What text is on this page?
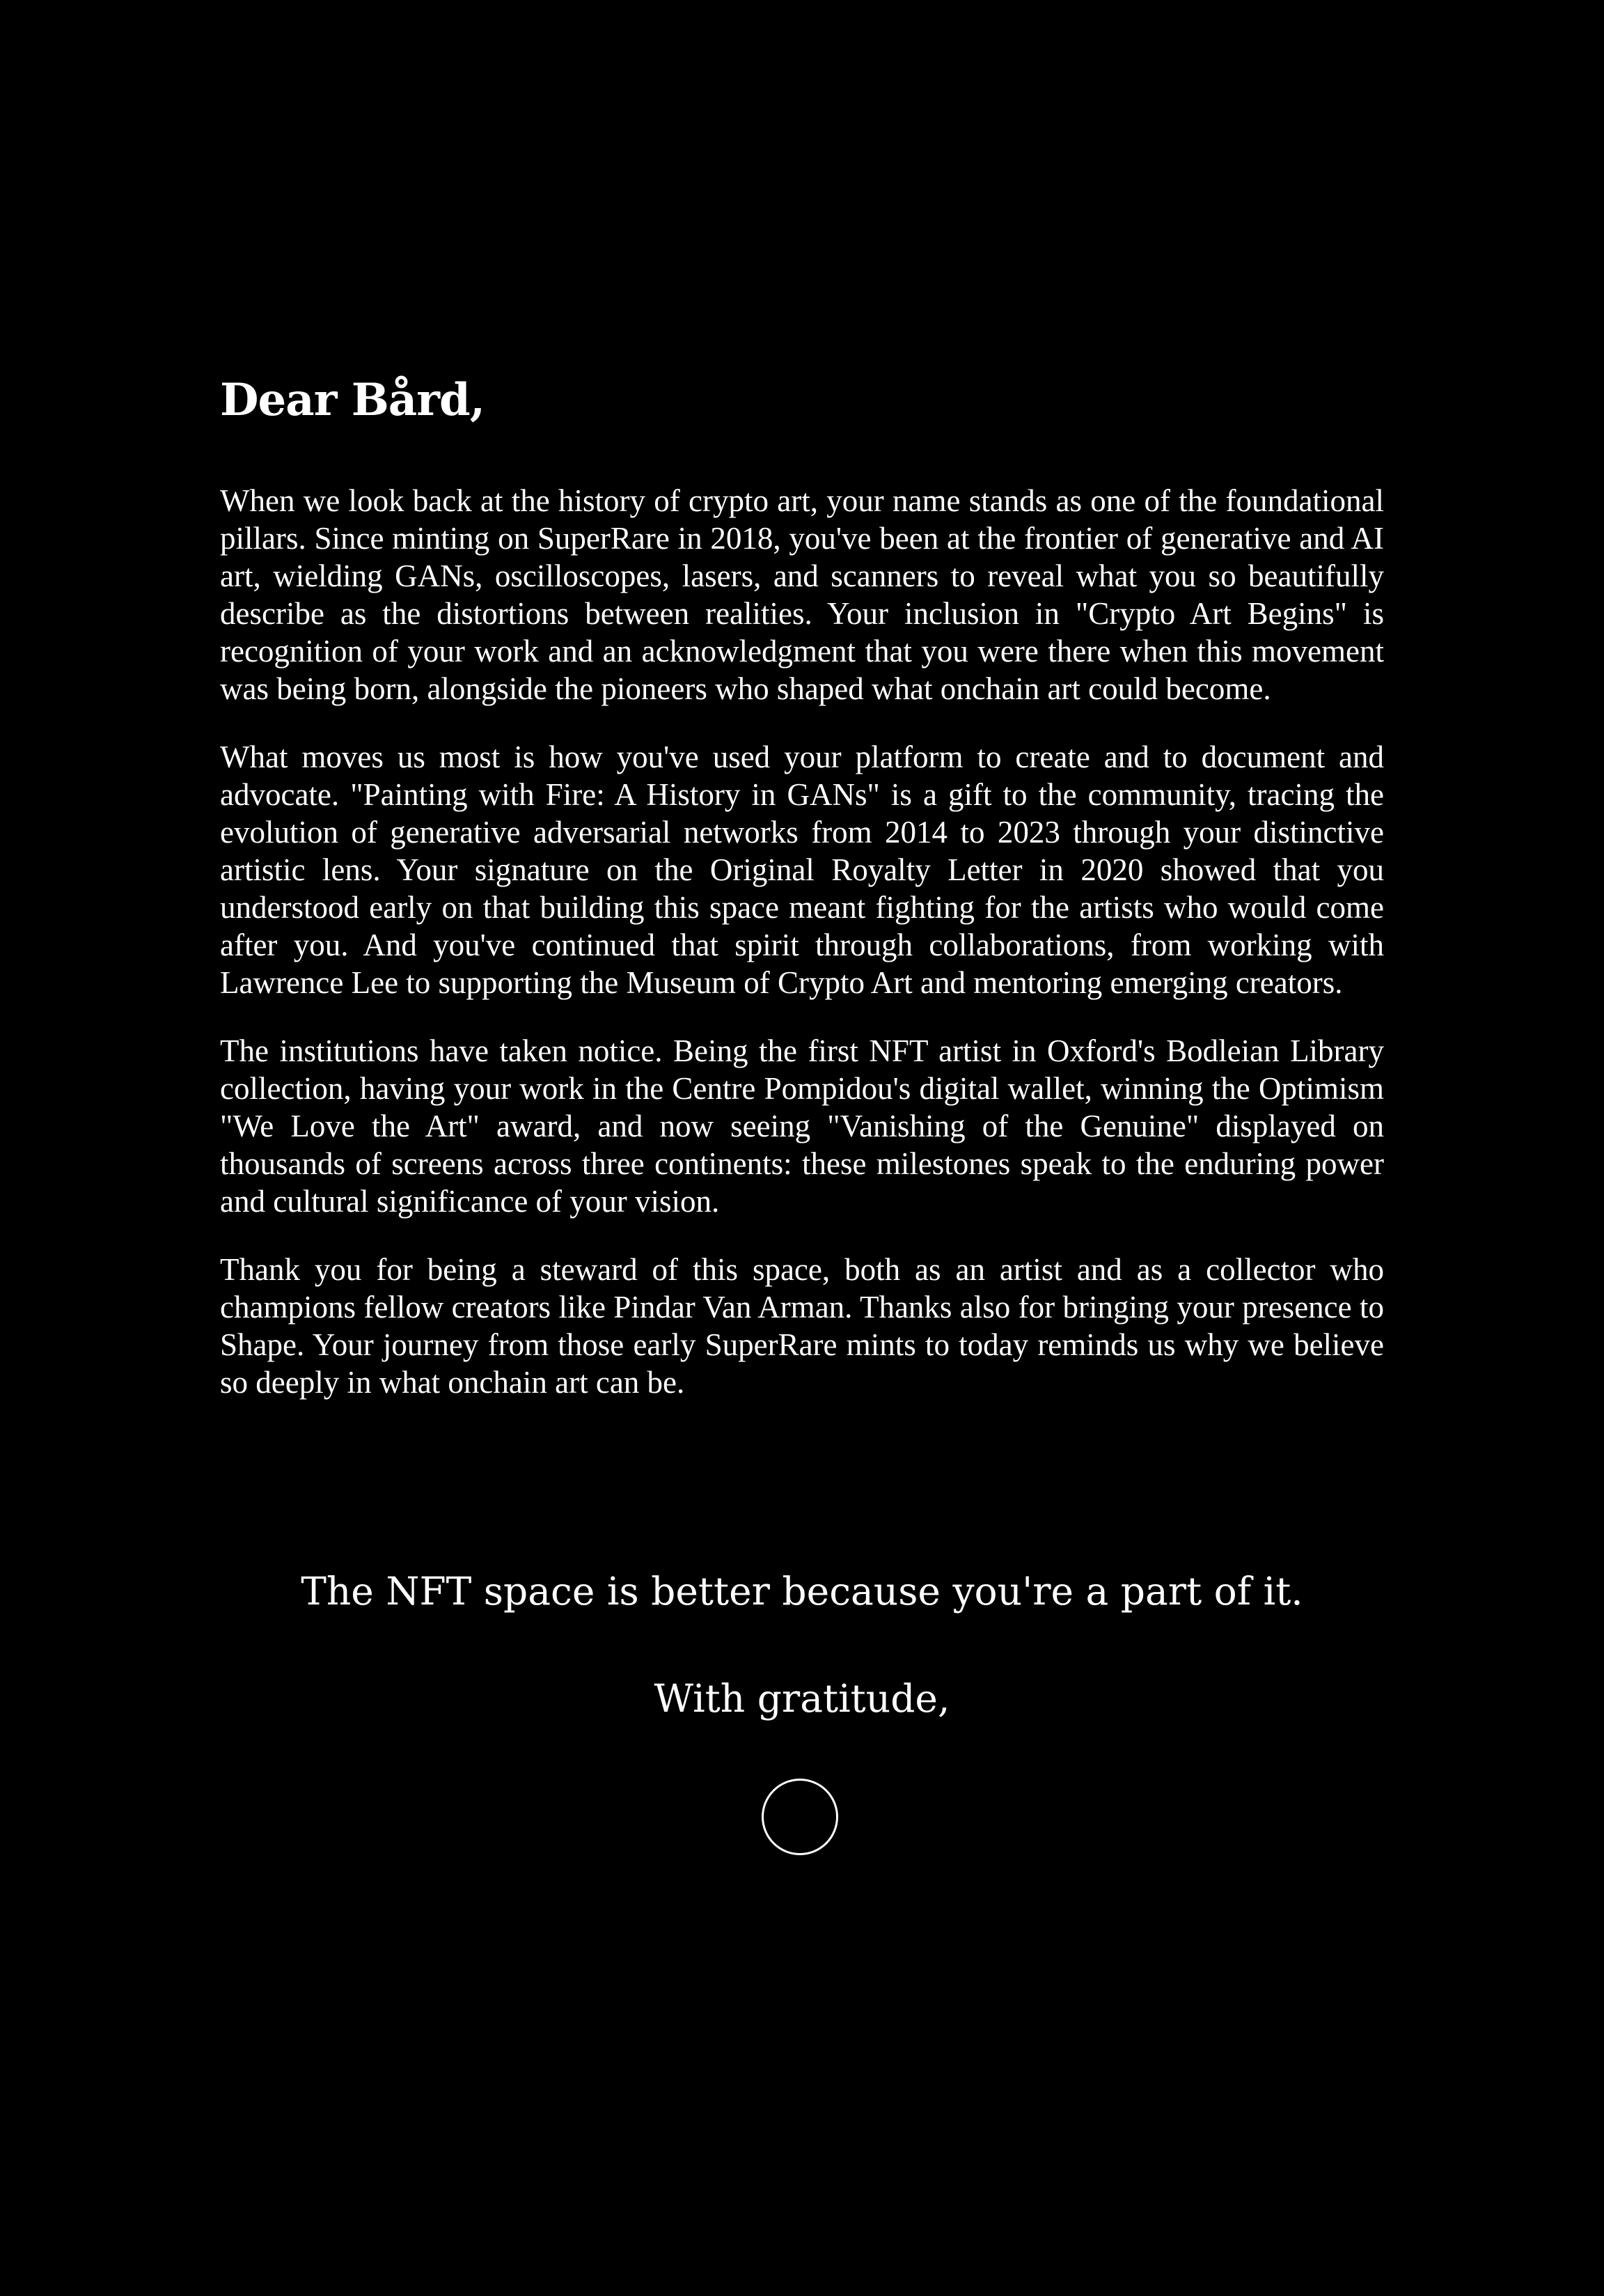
Dear Bård,

When we look back at the history of crypto art, your name stands as one of the foundational pillars. Since minting on SuperRare in 2018, you've been at the frontier of generative and AI art, wielding GANs, oscilloscopes, lasers, and scanners to reveal what you so beautifully describe as the distortions between realities. Your inclusion in "Crypto Art Begins" is recognition of your work and an acknowledgment that you were there when this movement was being born, alongside the pioneers who shaped what onchain art could become.

What moves us most is how you've used your platform to create and to document and advocate. "Painting with Fire: A History in GANs" is a gift to the community, tracing the evolution of generative adversarial networks from 2014 to 2023 through your distinctive artistic lens. Your signature on the Original Royalty Letter in 2020 showed that you understood early on that building this space meant fighting for the artists who would come after you. And you've continued that spirit through collaborations, from working with Lawrence Lee to supporting the Museum of Crypto Art and mentoring emerging creators.

The institutions have taken notice. Being the first NFT artist in Oxford's Bodleian Library collection, having your work in the Centre Pompidou's digital wallet, winning the Optimism "We Love the Art" award, and now seeing "Vanishing of the Genuine" displayed on thousands of screens across three continents: these milestones speak to the enduring power and cultural significance of your vision.

Thank you for being a steward of this space, both as an artist and as a collector who champions fellow creators like Pindar Van Arman. Thanks also for bringing your presence to Shape. Your journey from those early SuperRare mints to today reminds us why we believe so deeply in what onchain art can be.

The NFT space is better because you're a part of it.

With gratitude,
